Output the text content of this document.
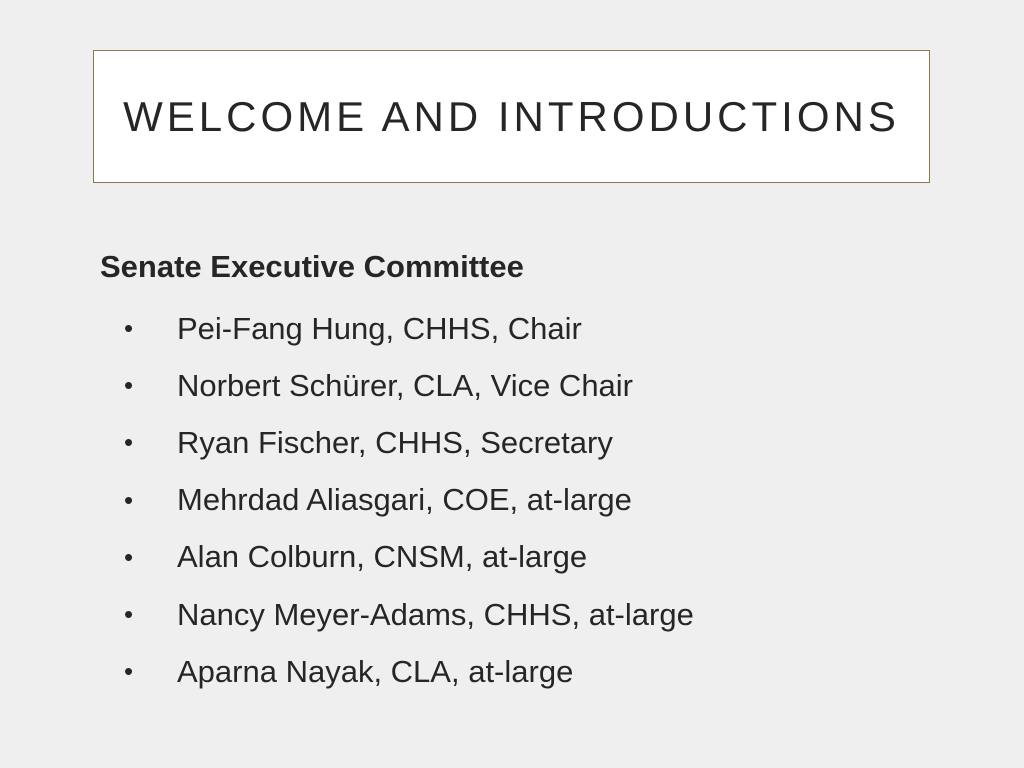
WELCOME AND INTRODUCTIONS

Senate Executive Committee

•	Pei-Fang Hung, CHHS, Chair
•	Norbert Schürer, CLA, Vice Chair
•	Ryan Fischer, CHHS, Secretary
•	Mehrdad Aliasgari, COE, at-large
•	Alan Colburn, CNSM, at-large
•	Nancy Meyer-Adams, CHHS, at-large
•	Aparna Nayak, CLA, at-large
